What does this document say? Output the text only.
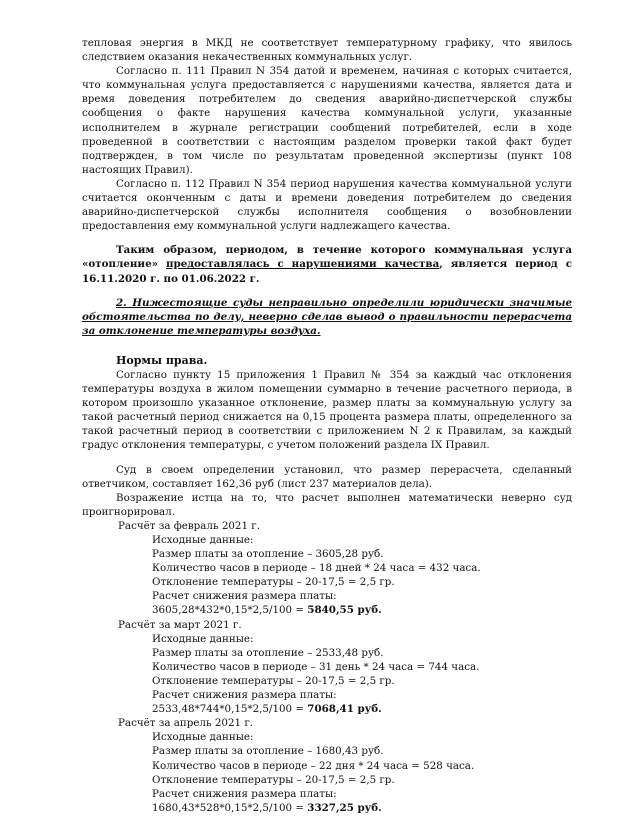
тепловая энергия в МКД не соответствует температурному графику, что явилось следствием оказания некачественных коммунальных услуг.

Согласно п. 111 Правил N 354 датой и временем, начиная с которых считается, что коммунальная услуга предоставляется с нарушениями качества, является дата и время доведения потребителем до сведения аварийно-диспетчерской службы сообщения о факте нарушения качества коммунальной услуги, указанные исполнителем в журнале регистрации сообщений потребителей, если в ходе проведенной в соответствии с настоящим разделом проверки такой факт будет подтвержден, в том числе по результатам проведенной экспертизы (пункт 108 настоящих Правил).

Согласно п. 112 Правил N 354 период нарушения качества коммунальной услуги считается оконченным с даты и времени доведения потребителем до сведения аварийно-диспетчерской службы исполнителя сообщения о возобновлении предоставления ему коммунальной услуги надлежащего качества.

Таким образом, периодом, в течение которого коммунальная услуга «отопление» предоставлялась с нарушениями качества, является период с 16.11.2020 г. по 01.06.2022 г.

2. Нижестоящие суды неправильно определили юридически значимые обстоятельства по делу, неверно сделав вывод о правильности перерасчета за отклонение температуры воздуха.

Нормы права.

Согласно пункту 15 приложения 1 Правил № 354 за каждый час отклонения температуры воздуха в жилом помещении суммарно в течение расчетного периода, в котором произошло указанное отклонение, размер платы за коммунальную услугу за такой расчетный период снижается на 0,15 процента размера платы, определенного за такой расчетный период в соответствии с приложением N 2 к Правилам, за каждый градус отклонения температуры, с учетом положений раздела IX Правил.

Суд в своем определении установил, что размер перерасчета, сделанный ответчиком, составляет 162,36 руб (лист 237 материалов дела).

Возражение истца на то, что расчет выполнен математически неверно суд проигнорировал.

Расчёт за февраль 2021 г.

Исходные данные:

Размер платы за отопление – 3605,28 руб.

Количество часов в периоде – 18 дней * 24 часа = 432 часа.

Отклонение температуры – 20-17,5 = 2,5 гр.

Расчет снижения размера платы:

3605,28*432*0,15*2,5/100 = 5840,55 руб.

Расчёт за март 2021 г.

Исходные данные:

Размер платы за отопление – 2533,48 руб.

Количество часов в периоде – 31 день * 24 часа = 744 часа.

Отклонение температуры – 20-17,5 = 2,5 гр.

Расчет снижения размера платы:

2533,48*744*0,15*2,5/100 = 7068,41 руб.

Расчёт за апрель 2021 г.

Исходные данные:

Размер платы за отопление – 1680,43 руб.

Количество часов в периоде – 22 дня * 24 часа = 528 часа.

Отклонение температуры – 20-17,5 = 2,5 гр.

Расчет снижения размера платы:

1680,43*528*0,15*2,5/100 = 3327,25 руб.
